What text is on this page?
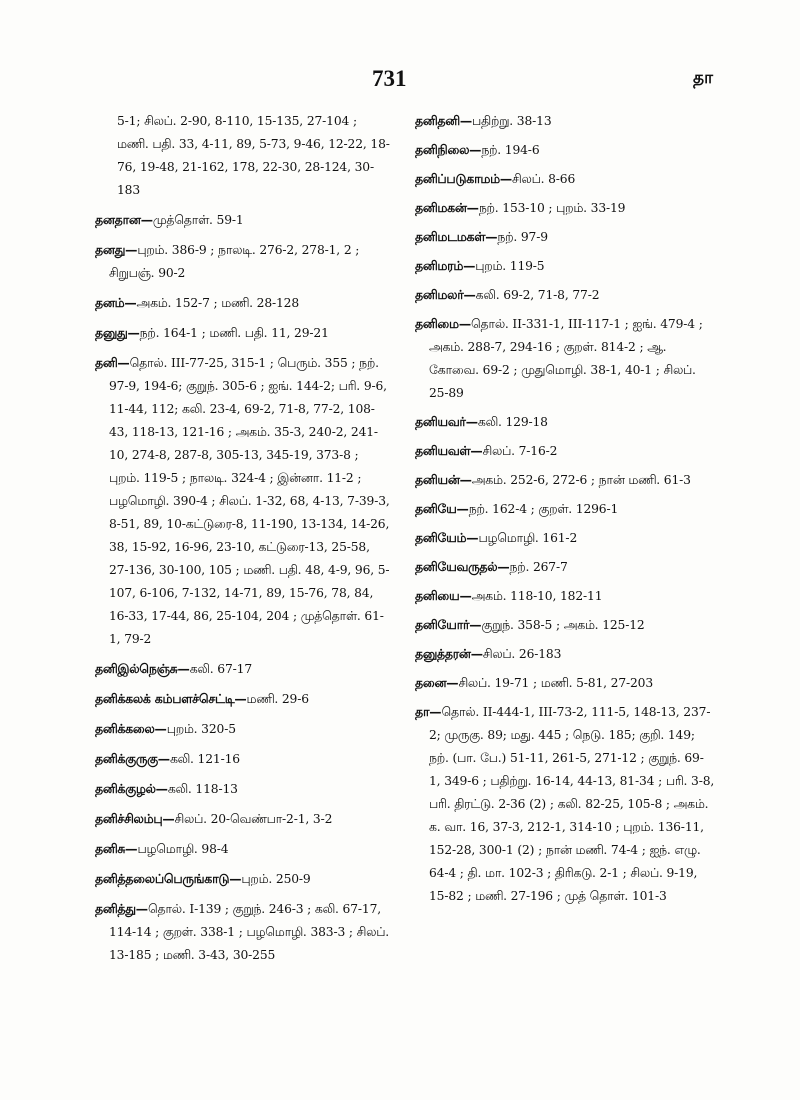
731	தா
5-1; சிலப். 2-90, 8-110, 15-135, 27-104 ; மணி. பதி. 33, 4-11, 89, 5-73, 9-46, 12-22, 18-76, 19-48, 21-162, 178, 22-30, 28-124, 30-183
தனதான—முத்தொள். 59-1
தனது—புறம். 386-9 ; நாலடி. 276-2, 278-1, 2 ; சிறுபஞ். 90-2
தனம்—அகம். 152-7 ; மணி. 28-128
தனுது—நற். 164-1 ; மணி. பதி. 11, 29-21
தனி—தொல். III-77-25, 315-1 ; பெரும். 355 ; நற். 97-9, 194-6; குறுந். 305-6 ; ஐங். 144-2; பரி. 9-6, 11-44, 112; கலி. 23-4, 69-2, 71-8, 77-2, 108-43, 118-13, 121-16 ; அகம். 35-3, 240-2, 241-10, 274-8, 287-8, 305-13, 345-19, 373-8 ; புறம். 119-5 ; நாலடி. 324-4 ; இன்னா. 11-2 ; பழமொழி. 390-4 ; சிலப். 1-32, 68, 4-13, 7-39-3, 8-51, 89, 10-கட்டுரை-8, 11-190, 13-134, 14-26, 38, 15-92, 16-96, 23-10, கட்டுரை-13, 25-58, 27-136, 30-100, 105 ; மணி. பதி. 48, 4-9, 96, 5-107, 6-106, 7-132, 14-71, 89, 15-76, 78, 84, 16-33, 17-44, 86, 25-104, 204 ; முத்தொள். 61-1, 79-2
தனிஇல்நெஞ்சு—கலி. 67-17
தனிக்கலக் கம்பளச்செட்டி—மணி. 29-6
தனிக்கலை—புறம். 320-5
தனிக்குருகு—கலி. 121-16
தனிக்குழல்—கலி. 118-13
தனிச்சிலம்பு—சிலப். 20-வெண்பா-2-1, 3-2
தனிசு—பழமொழி. 98-4
தனித்தலைப்பெருங்காடு—புறம். 250-9
தனித்து—தொல். I-139 ; குறுந். 246-3 ; கலி. 67-17, 114-14 ; குறள். 338-1 ; பழமொழி. 383-3 ; சிலப். 13-185 ; மணி. 3-43, 30-255
தனிதனி—பதிற்று. 38-13
தனிநிலை—நற். 194-6
தனிப்படுகாமம்—சிலப். 8-66
தனிமகன்—நற். 153-10 ; புறம். 33-19
தனிமடமகள்—நற். 97-9
தனிமரம்—புறம். 119-5
தனிமலர்—கலி. 69-2, 71-8, 77-2
தனிமை—தொல். II-331-1, III-117-1 ; ஐங். 479-4 ; அகம். 288-7, 294-16 ; குறள். 814-2 ; ஆ. கோவை. 69-2 ; முதுமொழி. 38-1, 40-1 ; சிலப். 25-89
தனியவர்—கலி. 129-18
தனியவள்—சிலப். 7-16-2
தனியன்—அகம். 252-6, 272-6 ; நான் மணி. 61-3
தனியே—நற். 162-4 ; குறள். 1296-1
தனியேம்—பழமொழி. 161-2
தனியேவருதல்—நற். 267-7
தனியை—அகம். 118-10, 182-11
தனியோர்—குறுந். 358-5 ; அகம். 125-12
தனுத்தரன்—சிலப். 26-183
தனை—சிலப். 19-71 ; மணி. 5-81, 27-203
தா—தொல். II-444-1, III-73-2, 111-5, 148-13, 237-2; முருகு. 89; மது. 445 ; நெடு. 185; குறி. 149; நற். (பா. பே.) 51-11, 261-5, 271-12 ; குறுந். 69-1, 349-6 ; பதிற்று. 16-14, 44-13, 81-34 ; பரி. 3-8, பரி. திரட்டு. 2-36 (2) ; கலி. 82-25, 105-8 ; அகம். க. வா. 16, 37-3, 212-1, 314-10 ; புறம். 136-11, 152-28, 300-1 (2) ; நான் மணி. 74-4 ; ஐந். எழு. 64-4 ; தி. மா. 102-3 ; திரிகடு. 2-1 ; சிலப். 9-19, 15-82 ; மணி. 27-196 ; முத் தொள். 101-3
